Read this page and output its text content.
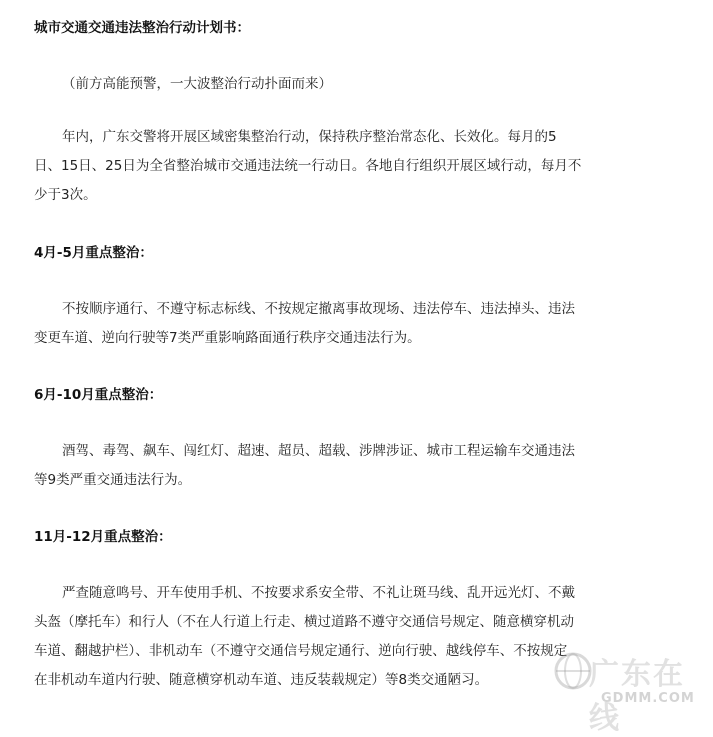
城市交通交通违法整治行动计划书：
（前方高能预警，一大波整治行动扑面而来）
年内，广东交警将开展区域密集整治行动，保持秩序整治常态化、长效化。每月的5
日、15日、25日为全省整治城市交通违法统一行动日。各地自行组织开展区域行动，每月不
少于3次。
4月-5月重点整治：
不按顺序通行、不遵守标志标线、不按规定撤离事故现场、违法停车、违法掉头、违法
变更车道、逆向行驶等7类严重影响路面通行秩序交通违法行为。
6月-10月重点整治：
酒驾、毒驾、飙车、闯红灯、超速、超员、超载、涉牌涉证、城市工程运输车交通违法
等9类严重交通违法行为。
11月-12月重点整治：
严查随意鸣号、开车使用手机、不按要求系安全带、不礼让斑马线、乱开远光灯、不戴
头盔（摩托车）和行人（不在人行道上行走、横过道路不遵守交通信号规定、随意横穿机动
车道、翻越护栏）、非机动车（不遵守交通信号规定通行、逆向行驶、越线停车、不按规定
在非机动车道内行驶、随意横穿机动车道、违反装载规定）等8类交通陋习。	广东在线
GDMM.COM
